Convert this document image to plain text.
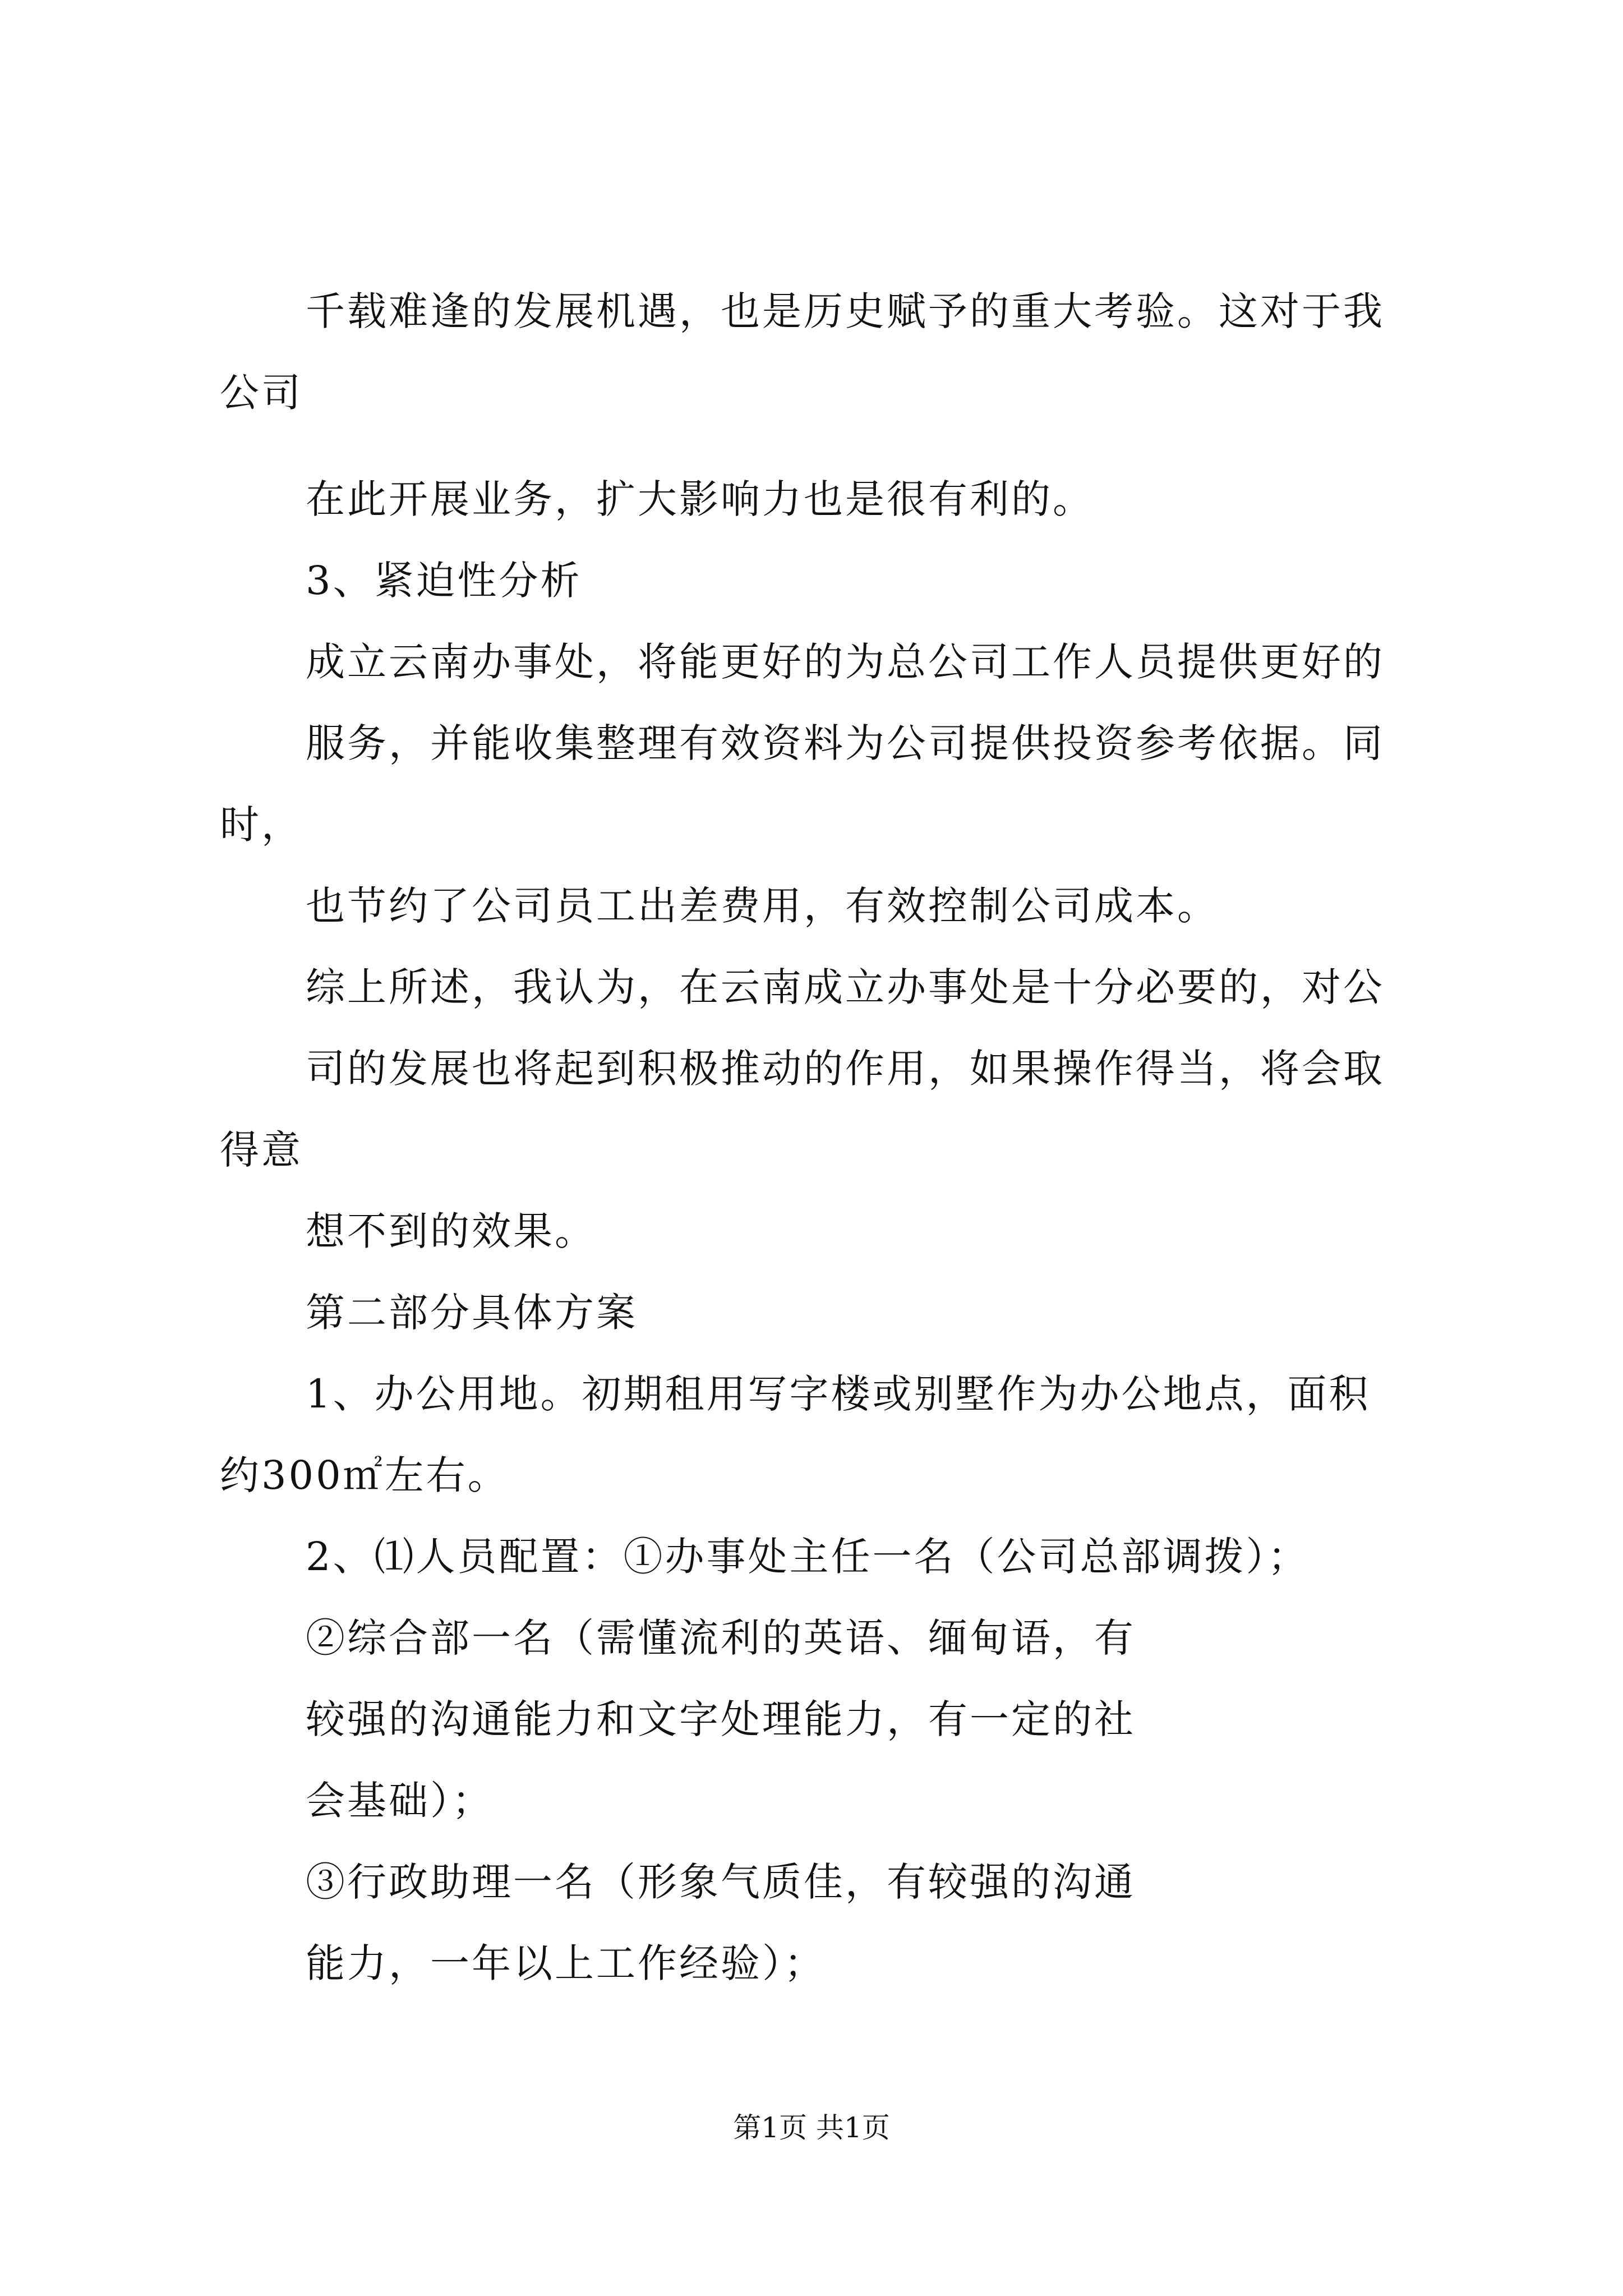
千载难逢的发展机遇，也是历史赋予的重大考验。这对于我
公司
在此开展业务，扩大影响力也是很有利的。
3、紧迫性分析
成立云南办事处，将能更好的为总公司工作人员提供更好的
服务，并能收集整理有效资料为公司提供投资参考依据。同
时，
也节约了公司员工出差费用，有效控制公司成本。
综上所述，我认为，在云南成立办事处是十分必要的，对公
司的发展也将起到积极推动的作用，如果操作得当，将会取
得意
想不到的效果。
第二部分具体方案
1、办公用地。初期租用写字楼或别墅作为办公地点，面积
约300㎡左右。
2、⑴人员配置：①办事处主任一名（公司总部调拨）；
②综合部一名（需懂流利的英语、缅甸语，有
较强的沟通能力和文字处理能力，有一定的社
会基础）；
③行政助理一名（形象气质佳，有较强的沟通
能力，一年以上工作经验）；
第1页 共1页
